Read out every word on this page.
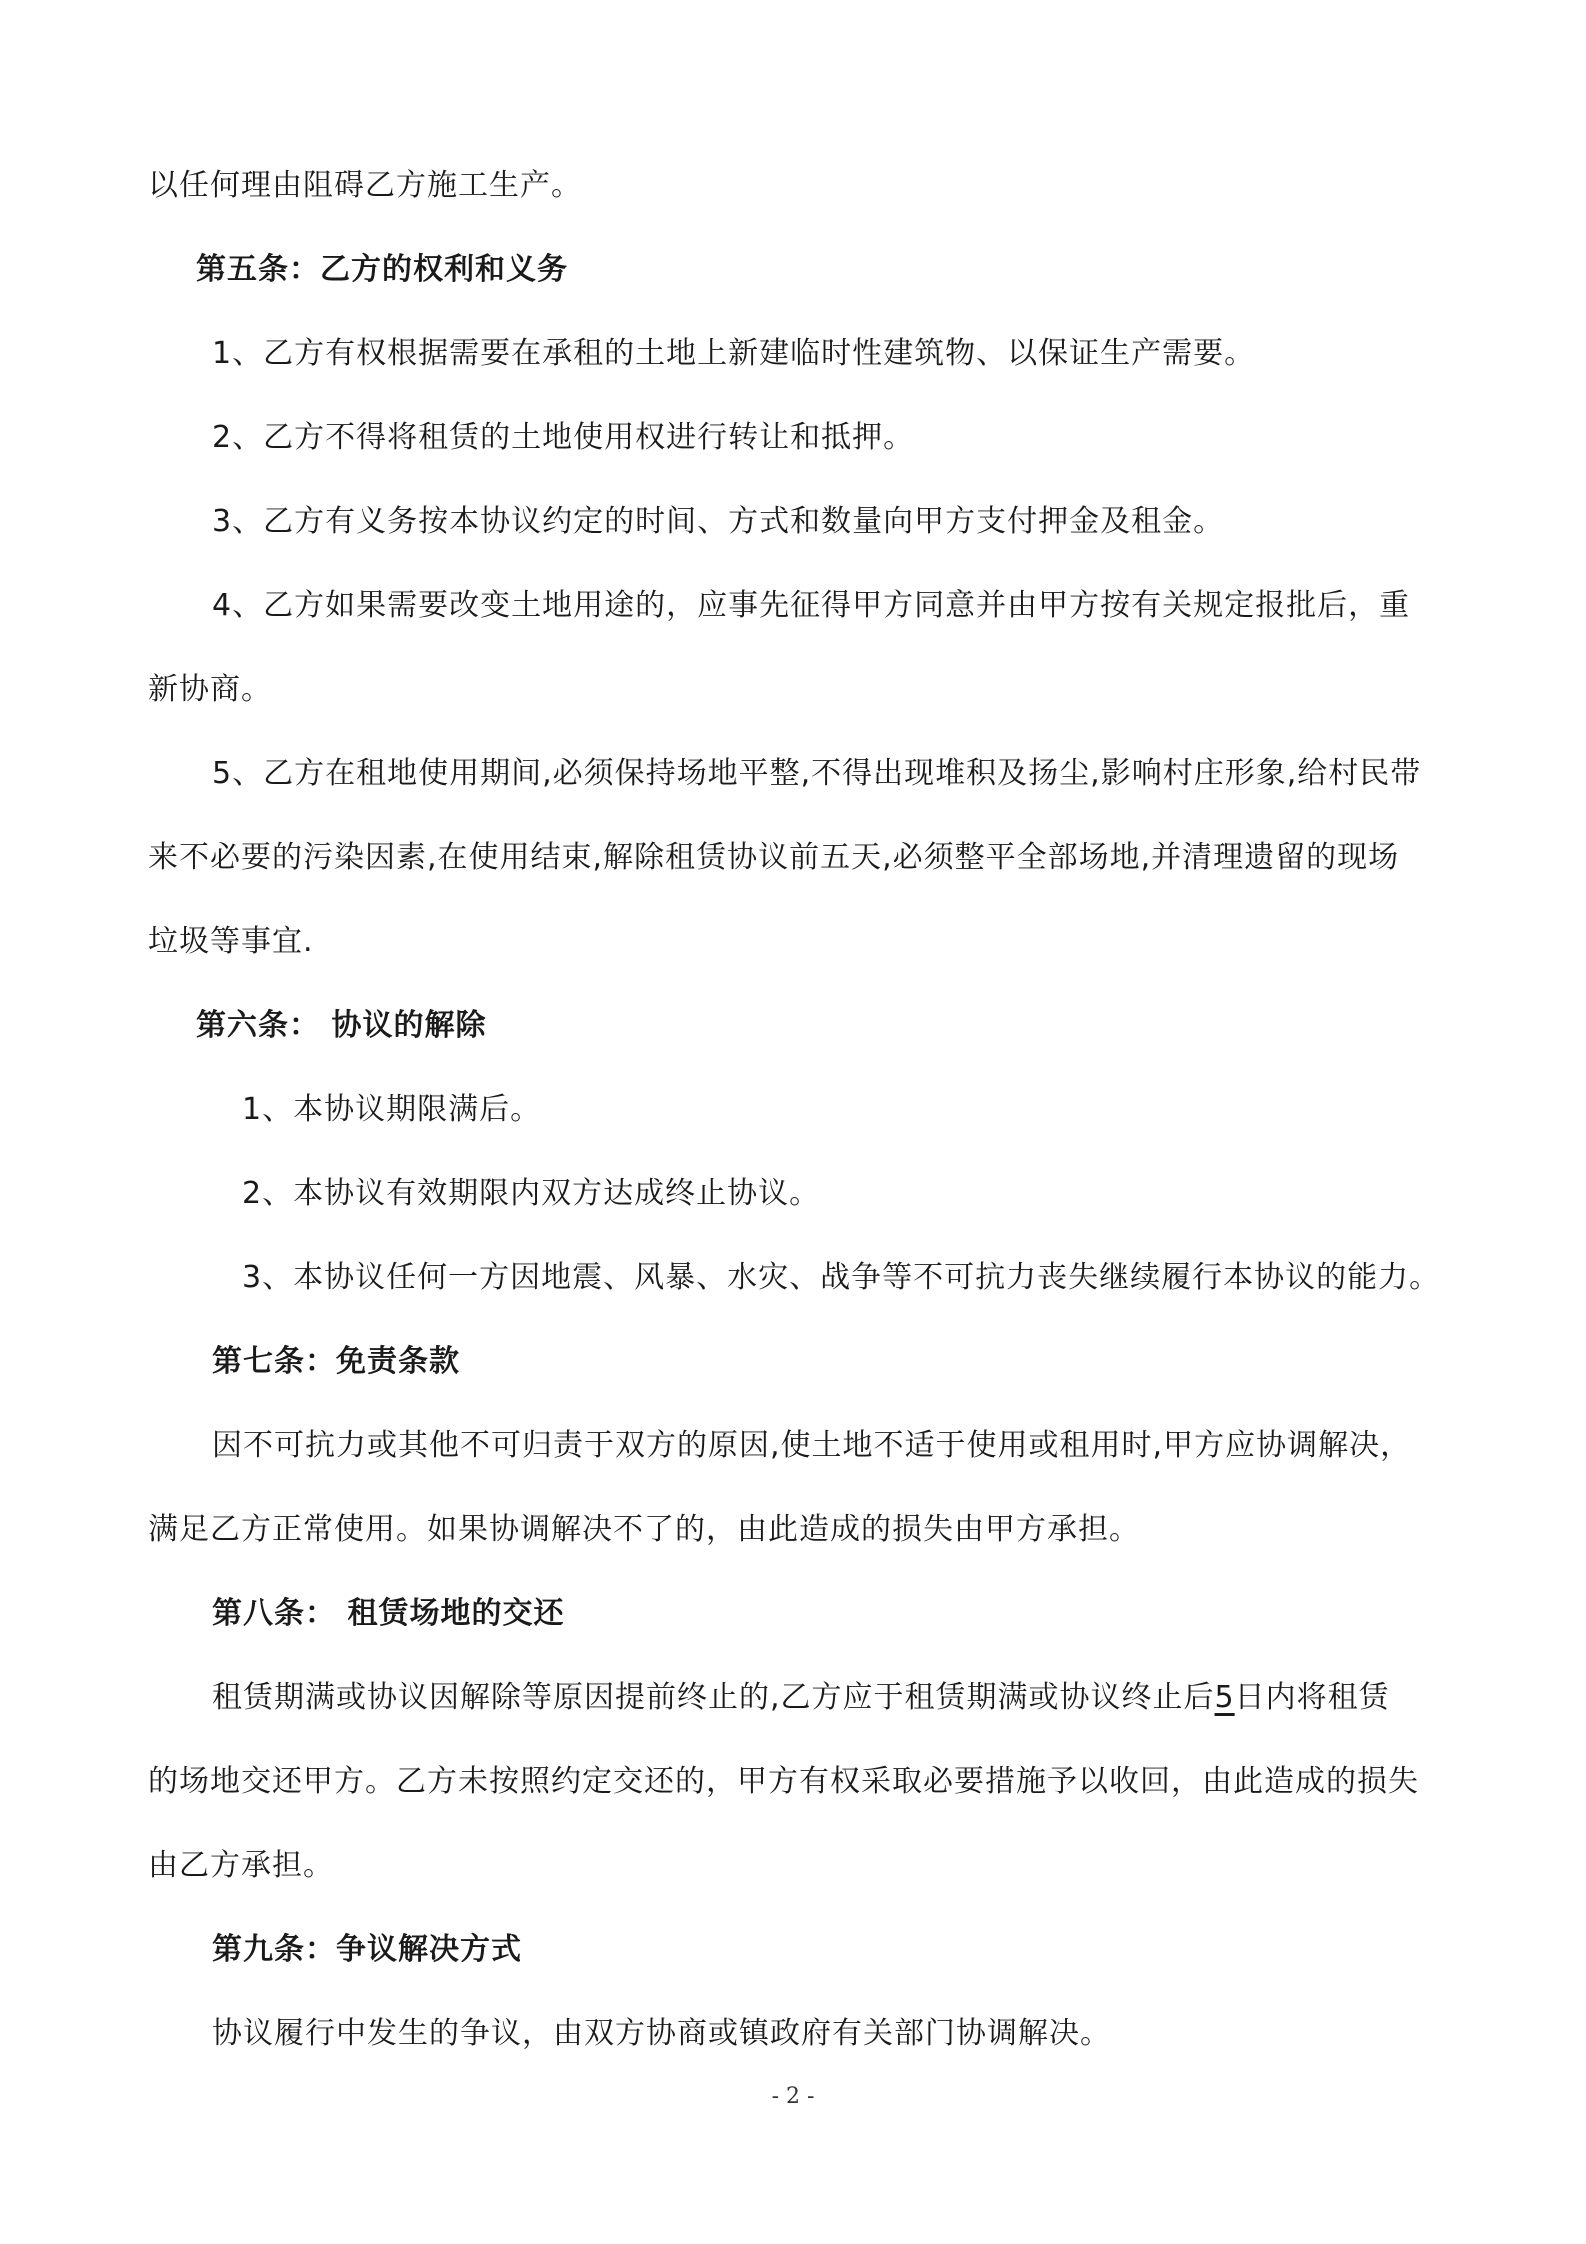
以任何理由阻碍乙方施工生产。
第五条：乙方的权利和义务
1、乙方有权根据需要在承租的土地上新建临时性建筑物、以保证生产需要。
2、乙方不得将租赁的土地使用权进行转让和抵押。
3、乙方有义务按本协议约定的时间、方式和数量向甲方支付押金及租金。
4、乙方如果需要改变土地用途的，应事先征得甲方同意并由甲方按有关规定报批后，重
新协商。
5、乙方在租地使用期间,必须保持场地平整,不得出现堆积及扬尘,影响村庄形象,给村民带
来不必要的污染因素,在使用结束,解除租赁协议前五天,必须整平全部场地,并清理遗留的现场
垃圾等事宜.
第六条： 协议的解除
1、本协议期限满后。
2、本协议有效期限内双方达成终止协议。
3、本协议任何一方因地震、风暴、水灾、战争等不可抗力丧失继续履行本协议的能力。
第七条：免责条款
因不可抗力或其他不可归责于双方的原因,使土地不适于使用或租用时,甲方应协调解决，
满足乙方正常使用。如果协调解决不了的，由此造成的损失由甲方承担。
第八条： 租赁场地的交还
租赁期满或协议因解除等原因提前终止的,乙方应于租赁期满或协议终止后5日内将租赁
的场地交还甲方。乙方未按照约定交还的，甲方有权采取必要措施予以收回，由此造成的损失
由乙方承担。
第九条：争议解决方式
协议履行中发生的争议，由双方协商或镇政府有关部门协调解决。
- 2 -
